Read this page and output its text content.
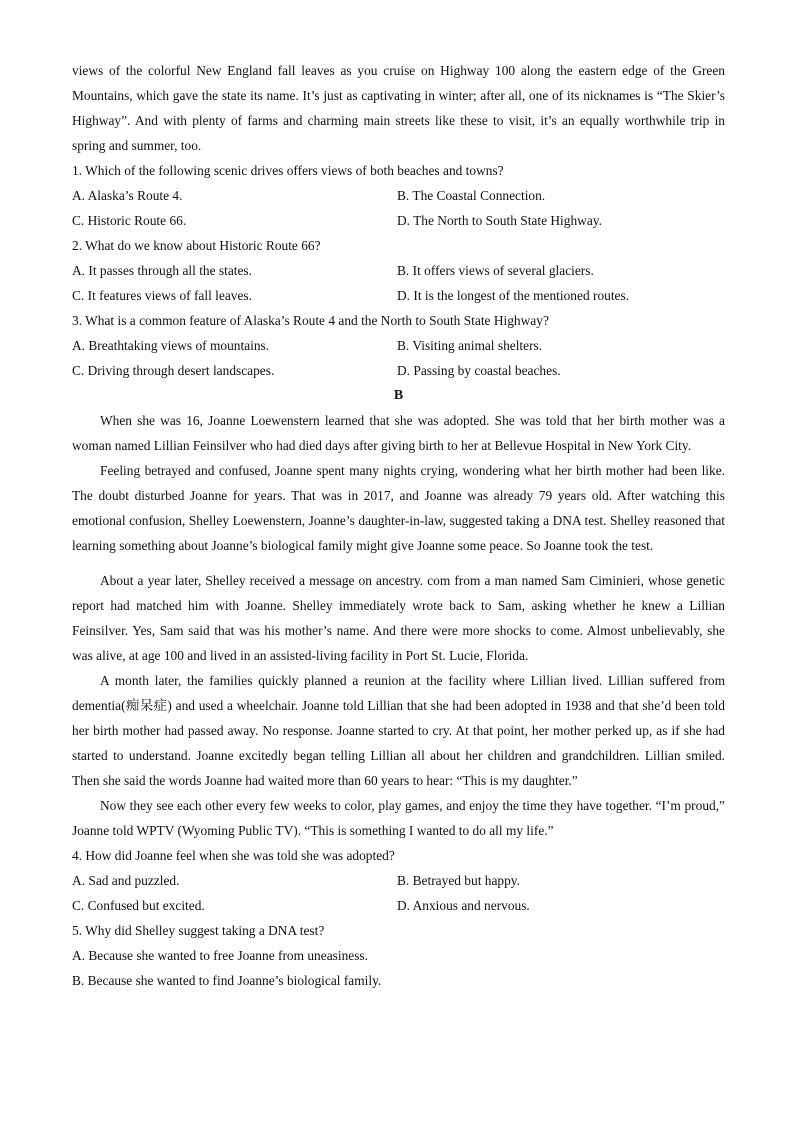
views of the colorful New England fall leaves as you cruise on Highway 100 along the eastern edge of the Green Mountains, which gave the state its name. It’s just as captivating in winter; after all, one of its nicknames is “The Skier’s Highway”. And with plenty of farms and charming main streets like these to visit, it’s an equally worthwhile trip in spring and summer, too.

1. Which of the following scenic drives offers views of both beaches and towns?

A. Alaska’s Route 4.	B. The Coastal Connection.
C. Historic Route 66.	D. The North to South State Highway.

2. What do we know about Historic Route 66?

A. It passes through all the states.	B. It offers views of several glaciers.
C. It features views of fall leaves.	D. It is the longest of the mentioned routes.

3. What is a common feature of Alaska’s Route 4 and the North to South State Highway?

A. Breathtaking views of mountains.	B. Visiting animal shelters.
C. Driving through desert landscapes.	D. Passing by coastal beaches.

B

When she was 16, Joanne Loewenstern learned that she was adopted. She was told that her birth mother was a woman named Lillian Feinsilver who had died days after giving birth to her at Bellevue Hospital in New York City.

Feeling betrayed and confused, Joanne spent many nights crying, wondering what her birth mother had been like. The doubt disturbed Joanne for years. That was in 2017, and Joanne was already 79 years old. After watching this emotional confusion, Shelley Loewenstern, Joanne’s daughter-in-law, suggested taking a DNA test. Shelley reasoned that learning something about Joanne’s biological family might give Joanne some peace. So Joanne took the test.

About a year later, Shelley received a message on ancestry. com from a man named Sam Ciminieri, whose genetic report had matched him with Joanne. Shelley immediately wrote back to Sam, asking whether he knew a Lillian Feinsilver. Yes, Sam said that was his mother’s name. And there were more shocks to come. Almost unbelievably, she was alive, at age 100 and lived in an assisted-living facility in Port St. Lucie, Florida.

A month later, the families quickly planned a reunion at the facility where Lillian lived. Lillian suffered from dementia(痴呆症) and used a wheelchair. Joanne told Lillian that she had been adopted in 1938 and that she’d been told her birth mother had passed away. No response. Joanne started to cry. At that point, her mother perked up, as if she had started to understand. Joanne excitedly began telling Lillian all about her children and grandchildren. Lillian smiled. Then she said the words Joanne had waited more than 60 years to hear: “This is my daughter.”

Now they see each other every few weeks to color, play games, and enjoy the time they have together. “I’m proud,” Joanne told WPTV (Wyoming Public TV). “This is something I wanted to do all my life.”

4. How did Joanne feel when she was told she was adopted?

A. Sad and puzzled.	B. Betrayed but happy.
C. Confused but excited.	D. Anxious and nervous.

5. Why did Shelley suggest taking a DNA test?

A. Because she wanted to free Joanne from uneasiness.

B. Because she wanted to find Joanne’s biological family.
